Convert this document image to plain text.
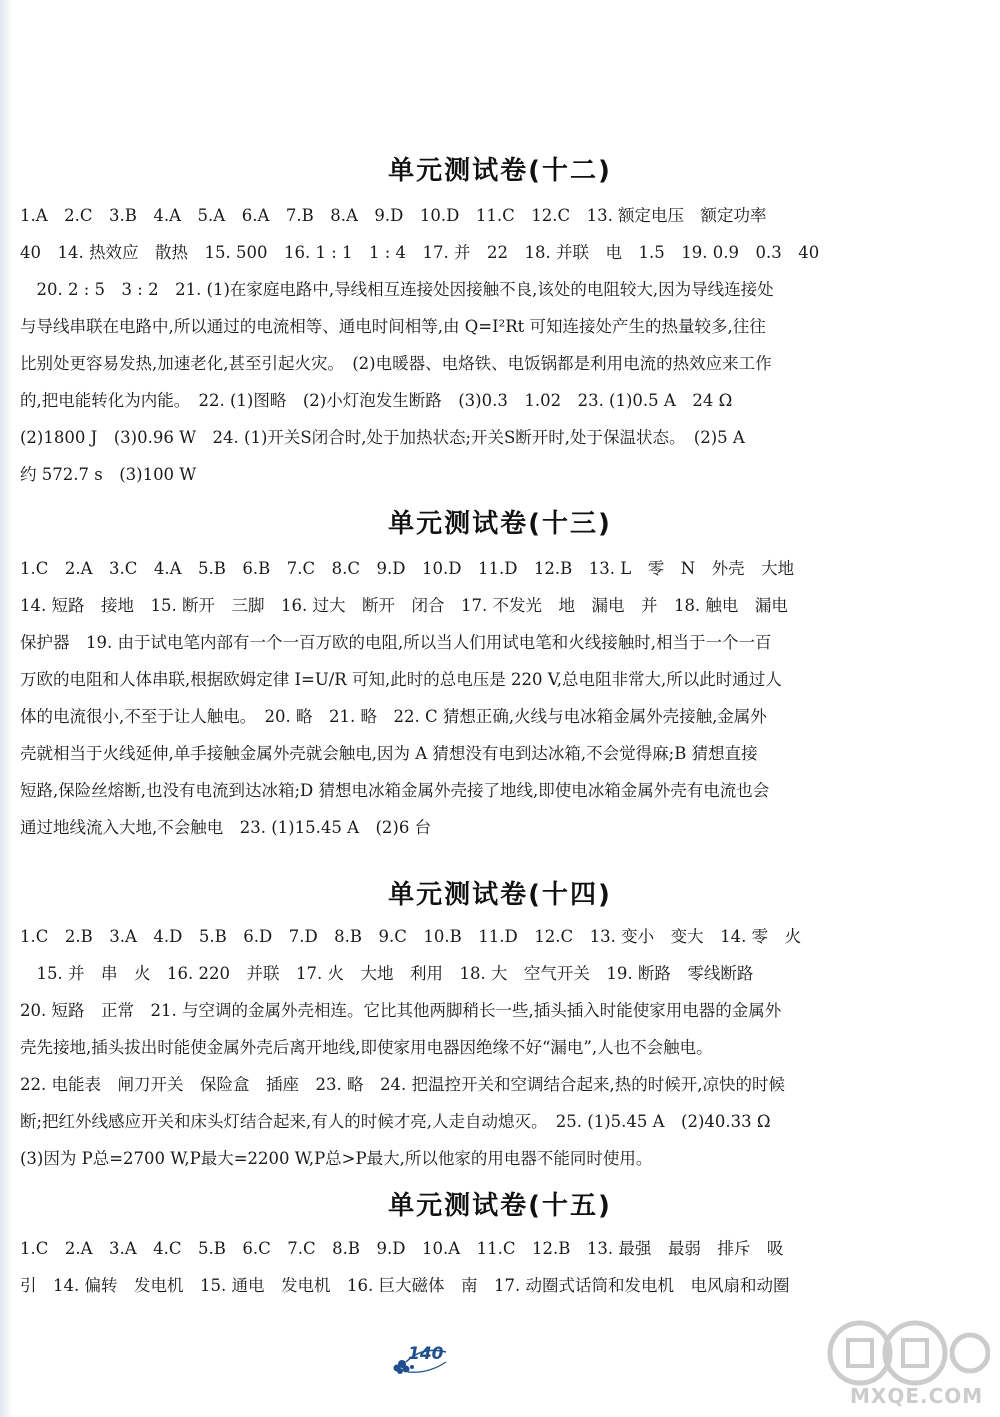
单元测试卷(十二)
1.A　2.C　3.B　4.A　5.A　6.A　7.B　8.A　9.D　10.D　11.C　12.C　13. 额定电压　额定功率
40　14. 热效应　散热　15. 500　16. 1 : 1　1 : 4　17. 并　22　18. 并联　电　1.5　19. 0.9　0.3　40
　20. 2 : 5　3 : 2　21. (1)在家庭电路中,导线相互连接处因接触不良,该处的电阻较大,因为导线连接处
与导线串联在电路中,所以通过的电流相等、通电时间相等,由 Q=I²Rt 可知连接处产生的热量较多,往往
比别处更容易发热,加速老化,甚至引起火灾。　(2)电暖器、电烙铁、电饭锅都是利用电流的热效应来工作
的,把电能转化为内能。　22. (1)图略　(2)小灯泡发生断路　(3)0.3　1.02　23. (1)0.5 A　24 Ω
(2)1800 J　(3)0.96 W　24. (1)开关S闭合时,处于加热状态;开关S断开时,处于保温状态。　(2)5 A
约 572.7 s　(3)100 W
单元测试卷(十三)
1.C　2.A　3.C　4.A　5.B　6.B　7.C　8.C　9.D　10.D　11.D　12.B　13. L　零　N　外壳　大地
14. 短路　接地　15. 断开　三脚　16. 过大　断开　闭合　17. 不发光　地　漏电　并　18. 触电　漏电
保护器　19. 由于试电笔内部有一个一百万欧的电阻,所以当人们用试电笔和火线接触时,相当于一个一百
万欧的电阻和人体串联,根据欧姆定律 I=U/R 可知,此时的总电压是 220 V,总电阻非常大,所以此时通过人
体的电流很小,不至于让人触电。　20. 略　21. 略　22. C 猜想正确,火线与电冰箱金属外壳接触,金属外
壳就相当于火线延伸,单手接触金属外壳就会触电,因为 A 猜想没有电到达冰箱,不会觉得麻;B 猜想直接
短路,保险丝熔断,也没有电流到达冰箱;D 猜想电冰箱金属外壳接了地线,即使电冰箱金属外壳有电流也会
通过地线流入大地,不会触电　23. (1)15.45 A　(2)6 台
单元测试卷(十四)
1.C　2.B　3.A　4.D　5.B　6.D　7.D　8.B　9.C　10.B　11.D　12.C　13. 变小　变大　14. 零　火
　15. 并　串　火　16. 220　并联　17. 火　大地　利用　18. 大　空气开关　19. 断路　零线断路
20. 短路　正常　21. 与空调的金属外壳相连。它比其他两脚稍长一些,插头插入时能使家用电器的金属外
壳先接地,插头拔出时能使金属外壳后离开地线,即使家用电器因绝缘不好“漏电”,人也不会触电。
22. 电能表　闸刀开关　保险盒　插座　23. 略　24. 把温控开关和空调结合起来,热的时候开,凉快的时候
断;把红外线感应开关和床头灯结合起来,有人的时候才亮,人走自动熄灭。　25. (1)5.45 A　(2)40.33 Ω
(3)因为 P总=2700 W,P最大=2200 W,P总>P最大,所以他家的用电器不能同时使用。
单元测试卷(十五)
1.C　2.A　3.A　4.C　5.B　6.C　7.C　8.B　9.D　10.A　11.C　12.B　13. 最强　最弱　排斥　吸
引　14. 偏转　发电机　15. 通电　发电机　16. 巨大磁体　南　17. 动圈式话筒和发电机　电风扇和动圈
140
MXQE.COM
